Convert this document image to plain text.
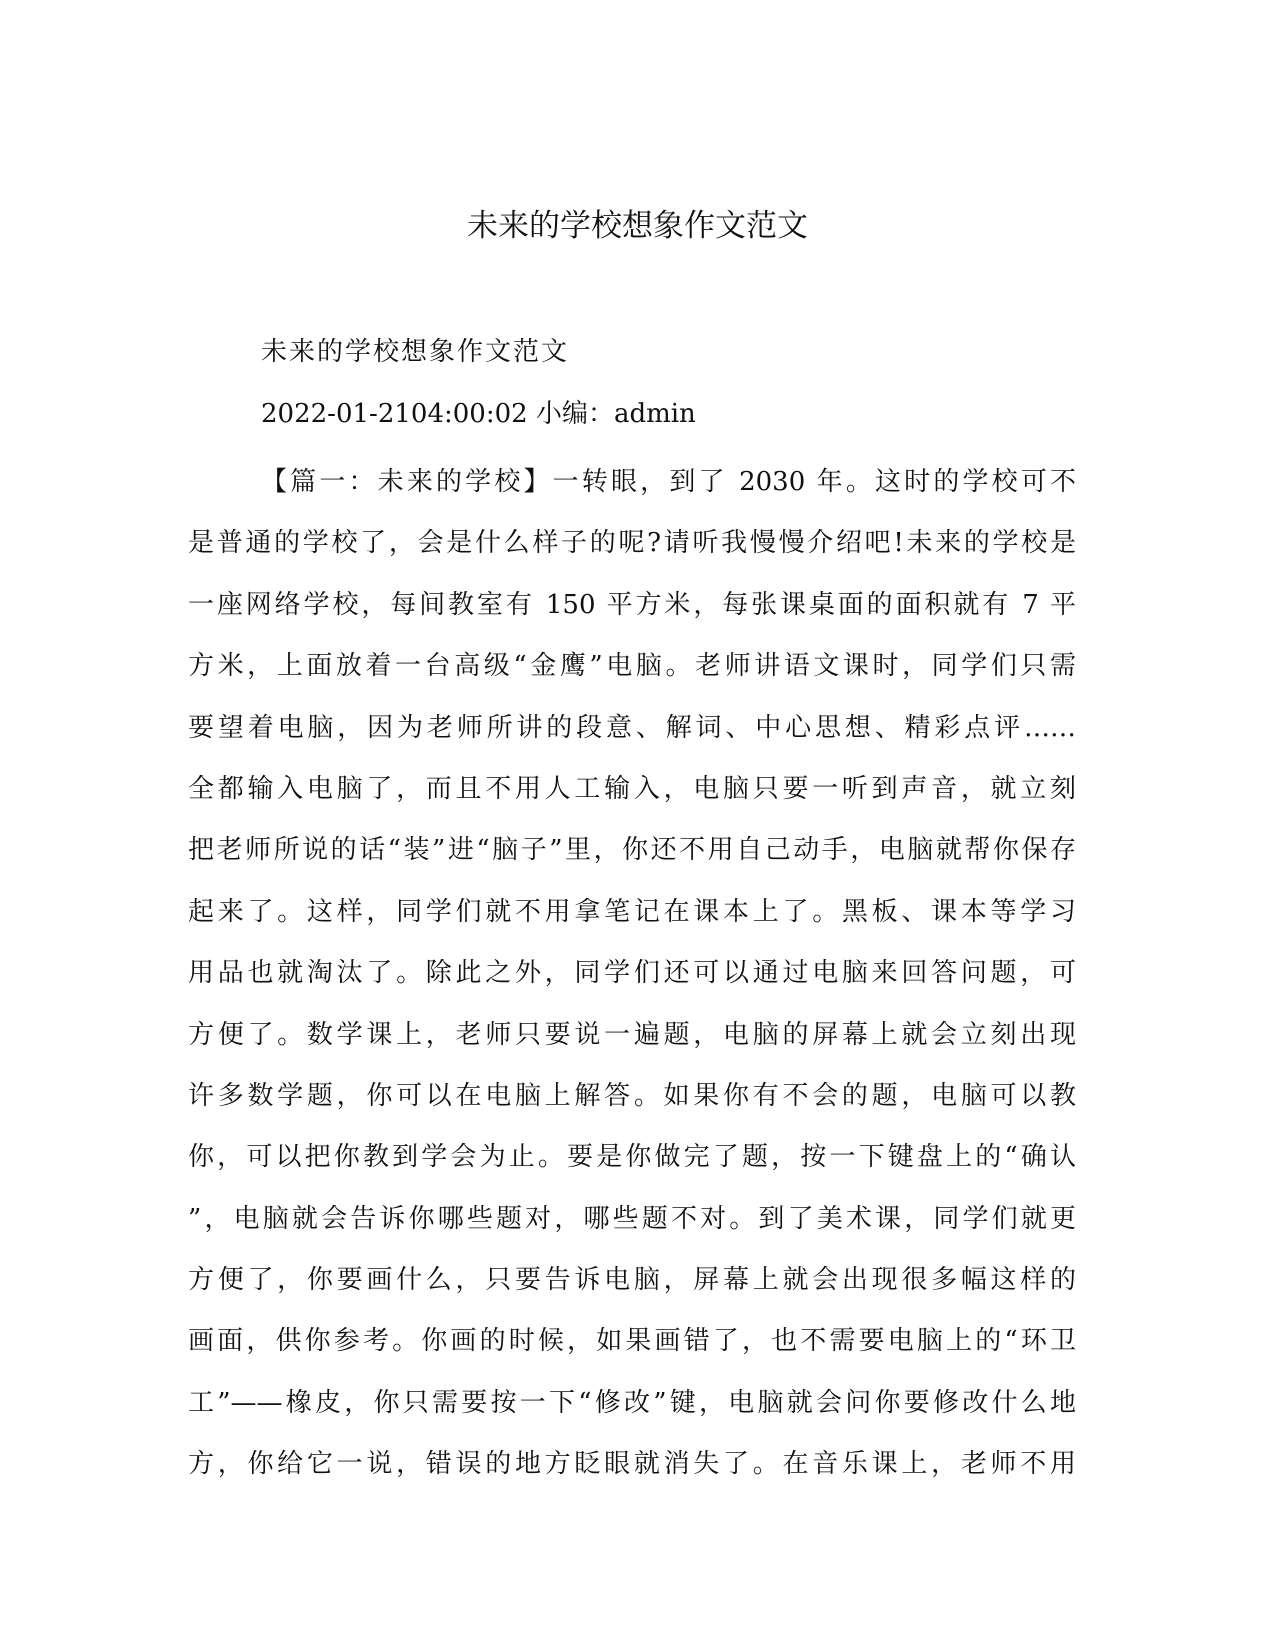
未来的学校想象作文范文
未来的学校想象作文范文
2022-01-2104:00:02 小编：admin
【篇一：未来的学校】一转眼，到了 2030 年。这时的学校可不
是普通的学校了，会是什么样子的呢?请听我慢慢介绍吧!未来的学校是
一座网络学校，每间教室有 150 平方米，每张课桌面的面积就有 7 平
方米，上面放着一台高级“金鹰”电脑。老师讲语文课时，同学们只需
要望着电脑，因为老师所讲的段意、解词、中心思想、精彩点评……
全都输入电脑了，而且不用人工输入，电脑只要一听到声音，就立刻
把老师所说的话“装”进“脑子”里，你还不用自己动手，电脑就帮你保存
起来了。这样，同学们就不用拿笔记在课本上了。黑板、课本等学习
用品也就淘汰了。除此之外，同学们还可以通过电脑来回答问题，可
方便了。数学课上，老师只要说一遍题，电脑的屏幕上就会立刻出现
许多数学题，你可以在电脑上解答。如果你有不会的题，电脑可以教
你，可以把你教到学会为止。要是你做完了题，按一下键盘上的“确认
”，电脑就会告诉你哪些题对，哪些题不对。到了美术课，同学们就更
方便了，你要画什么，只要告诉电脑，屏幕上就会出现很多幅这样的
画面，供你参考。你画的时候，如果画错了，也不需要电脑上的“环卫
工”——橡皮，你只需要按一下“修改”键，电脑就会问你要修改什么地
方，你给它一说，错误的地方眨眼就消失了。在音乐课上，老师不用
